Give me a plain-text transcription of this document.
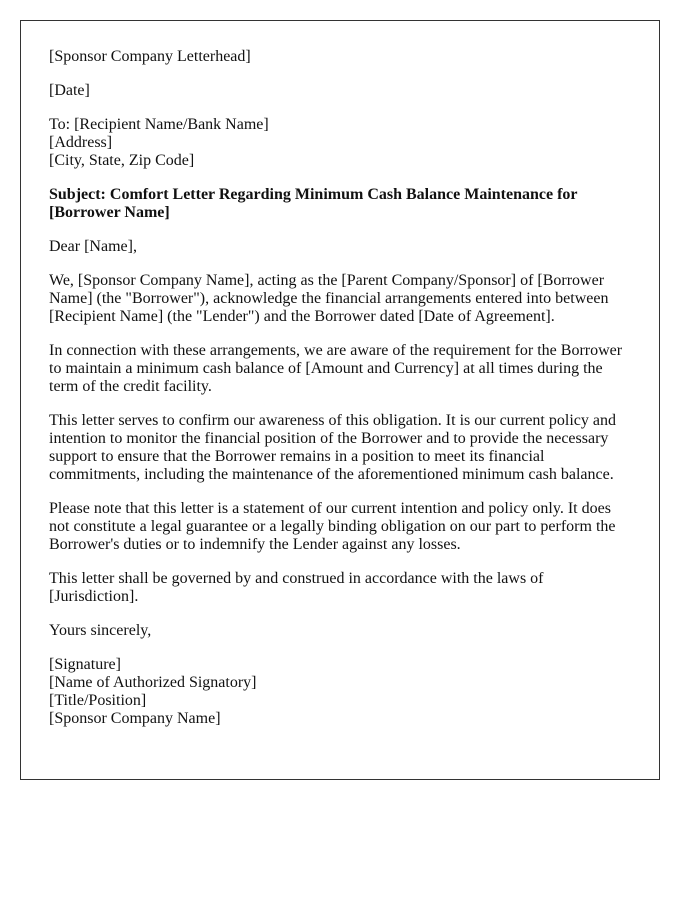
[Sponsor Company Letterhead]

[Date]

To: [Recipient Name/Bank Name]
[Address]
[City, State, Zip Code]

Subject: Comfort Letter Regarding Minimum Cash Balance Maintenance for [Borrower Name]

Dear [Name],

We, [Sponsor Company Name], acting as the [Parent Company/Sponsor] of [Borrower Name] (the "Borrower"), acknowledge the financial arrangements entered into between [Recipient Name] (the "Lender") and the Borrower dated [Date of Agreement].

In connection with these arrangements, we are aware of the requirement for the Borrower to maintain a minimum cash balance of [Amount and Currency] at all times during the term of the credit facility.

This letter serves to confirm our awareness of this obligation. It is our current policy and intention to monitor the financial position of the Borrower and to provide the necessary support to ensure that the Borrower remains in a position to meet its financial commitments, including the maintenance of the aforementioned minimum cash balance.

Please note that this letter is a statement of our current intention and policy only. It does not constitute a legal guarantee or a legally binding obligation on our part to perform the Borrower's duties or to indemnify the Lender against any losses.

This letter shall be governed by and construed in accordance with the laws of [Jurisdiction].

Yours sincerely,

[Signature]
[Name of Authorized Signatory]
[Title/Position]
[Sponsor Company Name]
